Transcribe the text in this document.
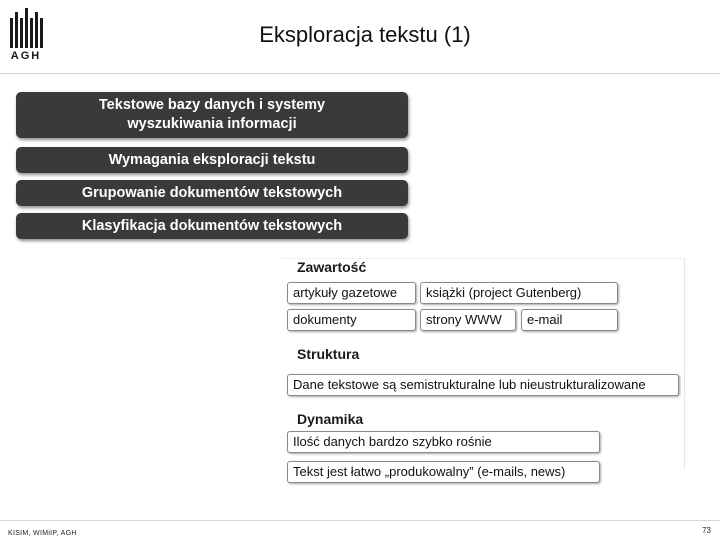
AGH
Eksploracja tekstu (1)
Tekstowe bazy danych i systemy
wyszukiwania informacji
Wymagania eksploracji tekstu
Grupowanie dokumentów tekstowych
Klasyfikacja dokumentów tekstowych
Zawartość
artykuły gazetowe	książki (project Gutenberg)
dokumenty	strony WWW	e-mail
Struktura
Dane tekstowe są semistrukturalne lub nieustrukturalizowane
Dynamika
Ilość danych bardzo szybko rośnie
Tekst jest łatwo „produkowalny” (e-mails, news)
KISIM, WIMiIP, AGH	73
